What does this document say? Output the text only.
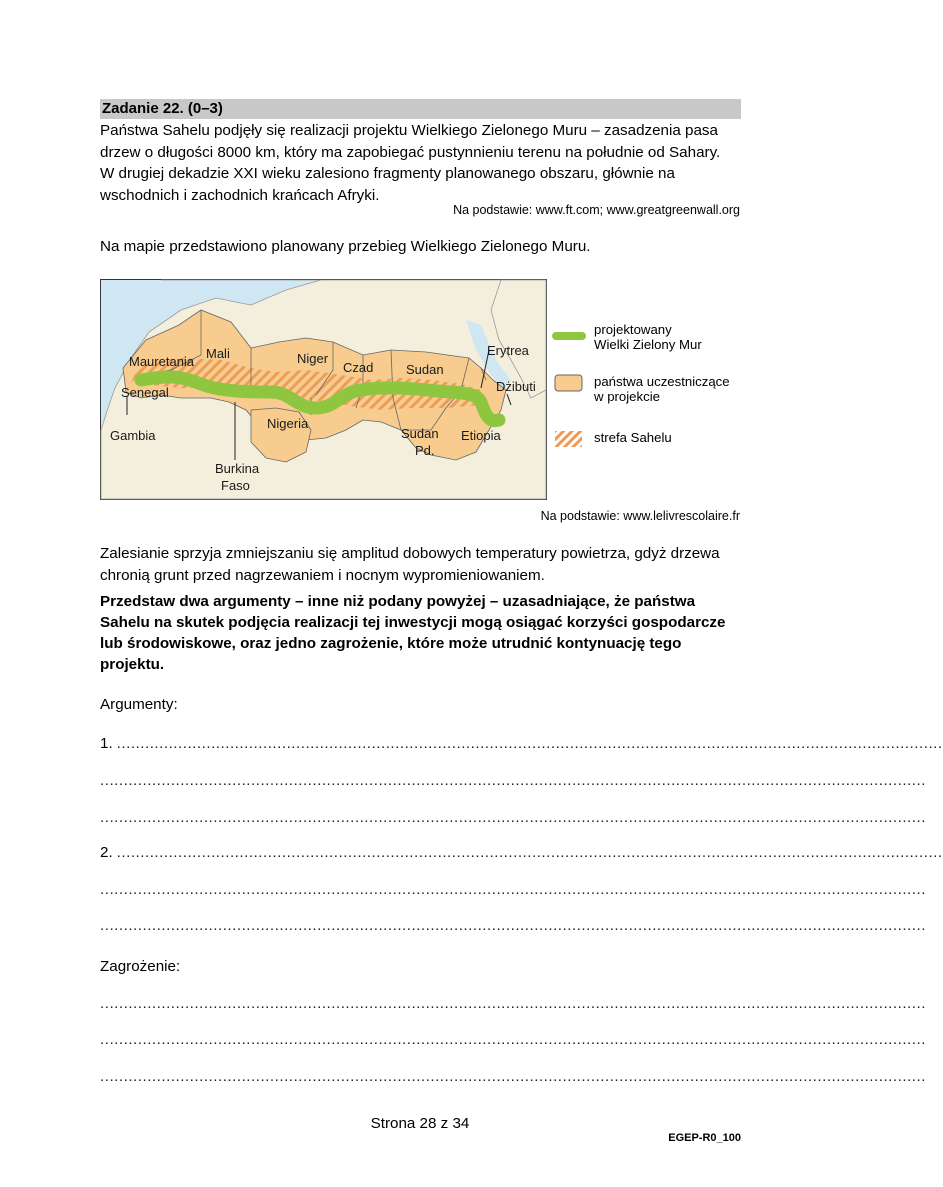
Zadanie 22. (0–3)

Państwa Sahelu podjęły się realizacji projektu Wielkiego Zielonego Muru – zasadzenia pasa

drzew o długości 8000 km, który ma zapobiegać pustynnieniu terenu na południe od Sahary.

W drugiej dekadzie XXI wieku zalesiono fragmenty planowanego obszaru, głównie na

wschodnich i zachodnich krańcach Afryki.

Na podstawie: www.ft.com; www.greatgreenwall.org

Na mapie przedstawiono planowany przebieg Wielkiego Zielonego Muru.

Mauretania
Mali	Niger
Czad	Sudan
Erytrea
Dżibuti
Senegal
Gambia
Nigeria
Sudan
Pd.
Etiopia
Burkina
Faso
projektowany
Wielki Zielony Mur
państwa uczestniczące
w projekcie
strefa Sahelu
Na podstawie: www.lelivrescolaire.fr

Zalesianie sprzyja zmniejszaniu się amplitud dobowych temperatury powietrza, gdyż drzewa

chronią grunt przed nagrzewaniem i nocnym wypromieniowaniem.

Przedstaw dwa argumenty – inne niż podany powyżej – uzasadniające, że państwa

Sahelu na skutek podjęcia realizacji tej inwestycji mogą osiągać korzyści gospodarcze

lub środowiskowe, oraz jedno zagrożenie, które może utrudnić kontynuację tego

projektu.

Argumenty:

1. ...............................................................................................................................................................................
...............................................................................................................................................................................
...............................................................................................................................................................................
2. ...............................................................................................................................................................................
...............................................................................................................................................................................
...............................................................................................................................................................................

Zagrożenie:

...............................................................................................................................................................................
...............................................................................................................................................................................
...............................................................................................................................................................................
Strona 28 z 34
EGEP-R0_100
